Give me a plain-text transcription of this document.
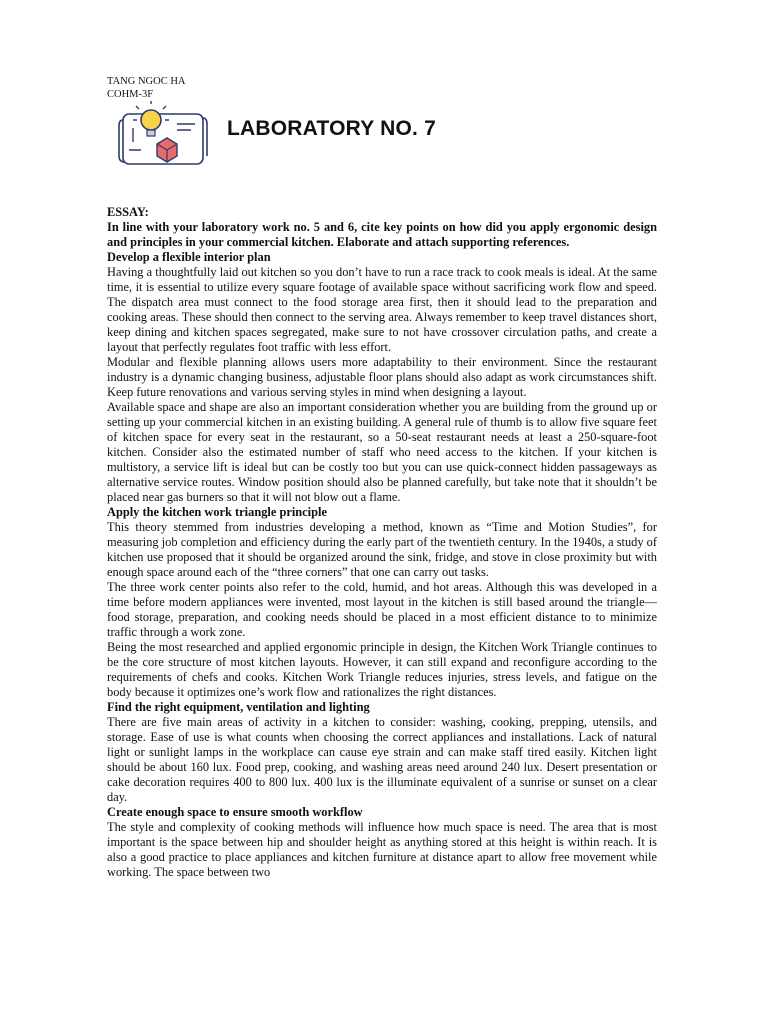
TANG NGOC HA
COHM-3F
LABORATORY NO. 7

ESSAY:

In line with your laboratory work no. 5 and 6, cite key points on how did you apply ergonomic design and principles in your commercial kitchen. Elaborate and attach supporting references.

Develop a flexible interior plan

Having a thoughtfully laid out kitchen so you don’t have to run a race track to cook meals is ideal. At the same time, it is essential to utilize every square footage of available space without sacrificing work flow and speed. The dispatch area must connect to the food storage area first, then it should lead to the preparation and cooking areas. These should then connect to the serving area. Always remember to keep travel distances short, keep dining and kitchen spaces segregated, make sure to not have crossover circulation paths, and create a layout that perfectly regulates foot traffic with less effort.

Modular and flexible planning allows users more adaptability to their environment. Since the restaurant industry is a dynamic changing business, adjustable floor plans should also adapt as work circumstances shift. Keep future renovations and various serving styles in mind when designing a layout.

Available space and shape are also an important consideration whether you are building from the ground up or setting up your commercial kitchen in an existing building. A general rule of thumb is to allow five square feet of kitchen space for every seat in the restaurant, so a 50-seat restaurant needs at least a 250-square-foot kitchen. Consider also the estimated number of staff who need access to the kitchen. If your kitchen is multistory, a service lift is ideal but can be costly too but you can use quick-connect hidden passageways as alternative service routes. Window position should also be planned carefully, but take note that it shouldn’t be placed near gas burners so that it will not blow out a flame.

Apply the kitchen work triangle principle

This theory stemmed from industries developing a method, known as “Time and Motion Studies”, for measuring job completion and efficiency during the early part of the twentieth century. In the 1940s, a study of kitchen use proposed that it should be organized around the sink, fridge, and stove in close proximity but with enough space around each of the “three corners” that one can carry out tasks.

The three work center points also refer to the cold, humid, and hot areas. Although this was developed in a time before modern appliances were invented, most layout in the kitchen is still based around the triangle—food storage, preparation, and cooking needs should be placed in a most efficient distance to to minimize traffic through a work zone.

Being the most researched and applied ergonomic principle in design, the Kitchen Work Triangle continues to be the core structure of most kitchen layouts. However, it can still expand and reconfigure according to the requirements of chefs and cooks. Kitchen Work Triangle reduces injuries, stress levels, and fatigue on the body because it optimizes one’s work flow and rationalizes the right distances.

Find the right equipment, ventilation and lighting

There are five main areas of activity in a kitchen to consider: washing, cooking, prepping, utensils, and storage. Ease of use is what counts when choosing the correct appliances and installations. Lack of natural light or sunlight lamps in the workplace can cause eye strain and can make staff tired easily. Kitchen light should be about 160 lux. Food prep, cooking, and washing areas need around 240 lux. Desert presentation or cake decoration requires 400 to 800 lux. 400 lux is the illuminate equivalent of a sunrise or sunset on a clear day.

Create enough space to ensure smooth workflow

The style and complexity of cooking methods will influence how much space is need. The area that is most important is the space between hip and shoulder height as anything stored at this height is within reach. It is also a good practice to place appliances and kitchen furniture at distance apart to allow free movement while working. The space between two
